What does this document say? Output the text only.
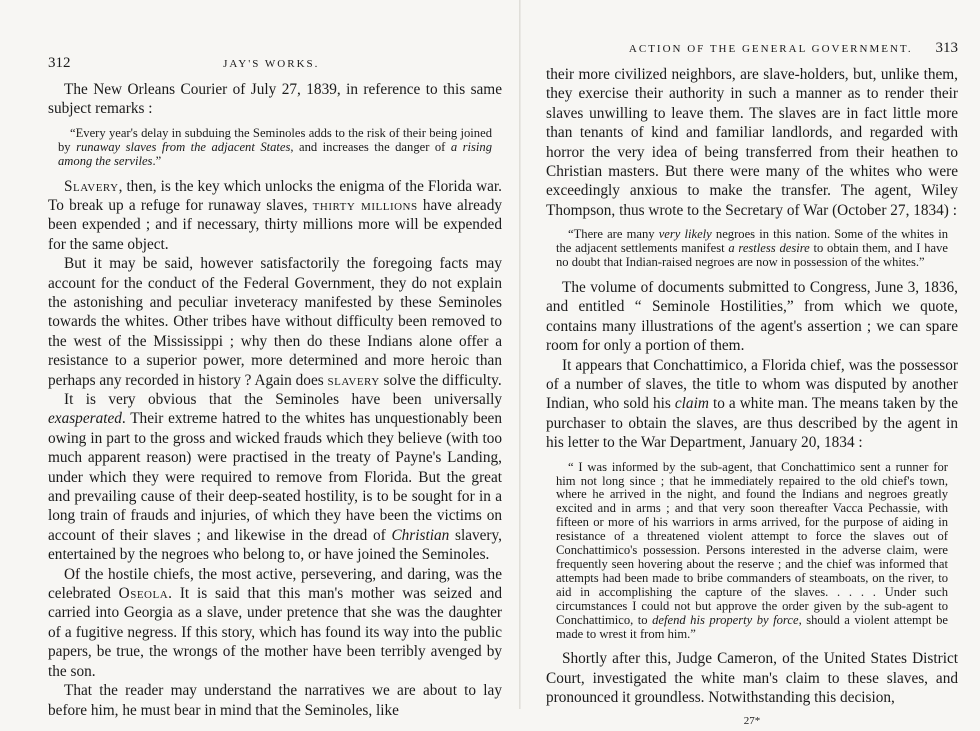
312	JAY'S WORKS.

The New Orleans Courier of July 27, 1839, in reference to this same subject remarks :

“Every year's delay in subduing the Seminoles adds to the risk of their being joined by runaway slaves from the adjacent States, and increases the danger of a rising among the serviles.”

Slavery, then, is the key which unlocks the enigma of the Florida war. To break up a refuge for runaway slaves, thirty millions have already been expended ; and if necessary, thirty millions more will be expended for the same object.

But it may be said, however satisfactorily the foregoing facts may account for the conduct of the Federal Government, they do not explain the astonishing and peculiar inveteracy manifested by these Seminoles towards the whites. Other tribes have without difficulty been removed to the west of the Mississippi ; why then do these Indians alone offer a resistance to a superior power, more determined and more heroic than perhaps any recorded in history ? Again does slavery solve the difficulty.

It is very obvious that the Seminoles have been universally exasperated. Their extreme hatred to the whites has unquestionably been owing in part to the gross and wicked frauds which they believe (with too much apparent reason) were practised in the treaty of Payne's Landing, under which they were required to remove from Florida. But the great and prevailing cause of their deep-seated hostility, is to be sought for in a long train of frauds and injuries, of which they have been the victims on account of their slaves ; and likewise in the dread of Christian slavery, entertained by the negroes who belong to, or have joined the Seminoles.

Of the hostile chiefs, the most active, persevering, and daring, was the celebrated Oseola. It is said that this man's mother was seized and carried into Georgia as a slave, under pretence that she was the daughter of a fugitive negress. If this story, which has found its way into the public papers, be true, the wrongs of the mother have been terribly avenged by the son.

That the reader may understand the narratives we are about to lay before him, he must bear in mind that the Seminoles, like

ACTION OF THE GENERAL GOVERNMENT. 313

their more civilized neighbors, are slave-holders, but, unlike them, they exercise their authority in such a manner as to render their slaves unwilling to leave them. The slaves are in fact little more than tenants of kind and familiar landlords, and regarded with horror the very idea of being transferred from their heathen to Christian masters. But there were many of the whites who were exceedingly anxious to make the transfer. The agent, Wiley Thompson, thus wrote to the Secretary of War (October 27, 1834) :

“There are many very likely negroes in this nation. Some of the whites in the adjacent settlements manifest a restless desire to obtain them, and I have no doubt that Indian-raised negroes are now in possession of the whites.”

The volume of documents submitted to Congress, June 3, 1836, and entitled “ Seminole Hostilities,” from which we quote, contains many illustrations of the agent's assertion ; we can spare room for only a portion of them.

It appears that Conchattimico, a Florida chief, was the possessor of a number of slaves, the title to whom was disputed by another Indian, who sold his claim to a white man. The means taken by the purchaser to obtain the slaves, are thus described by the agent in his letter to the War Department, January 20, 1834 :

“ I was informed by the sub-agent, that Conchattimico sent a runner for him not long since ; that he immediately repaired to the old chief's town, where he arrived in the night, and found the Indians and negroes greatly excited and in arms ; and that very soon thereafter Vacca Pechassie, with fifteen or more of his warriors in arms arrived, for the purpose of aiding in resistance of a threatened violent attempt to force the slaves out of Conchattimico's possession. Persons interested in the adverse claim, were frequently seen hovering about the reserve ; and the chief was informed that attempts had been made to bribe commanders of steamboats, on the river, to aid in accomplishing the capture of the slaves. . . . . Under such circumstances I could not but approve the order given by the sub-agent to Conchattimico, to defend his property by force, should a violent attempt be made to wrest it from him.”

Shortly after this, Judge Cameron, of the United States District Court, investigated the white man's claim to these slaves, and pronounced it groundless. Notwithstanding this decision,

27*
